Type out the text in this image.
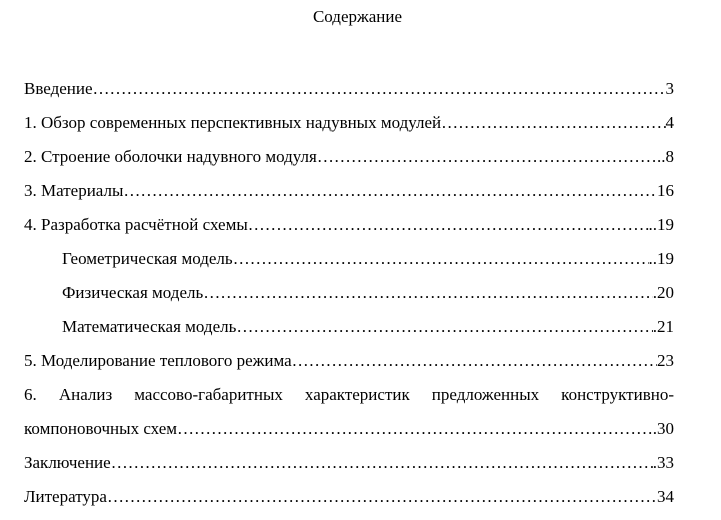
Содержание
Введение ………………………………………………………………………………………………………………………………………………	3
1. Обзор современных перспективных надувных модулей ………………………………………………………………………………………………………………………………………………	4
2. Строение оболочки надувного модуля ………………………………………………………………………………………………………………………………………………	..8
3. Материалы ………………………………………………………………………………………………………………………………………………	16
4. Разработка расчётной схемы ………………………………………………………………………………………………………………………………………………	..19
Геометрическая модель ………………………………………………………………………………………………………………………………………………	..19
Физическая модель ………………………………………………………………………………………………………………………………………………	.20
Математическая модель ………………………………………………………………………………………………………………………………………………	.21
5. Моделирование теплового режима ………………………………………………………………………………………………………………………………………………	23
6. Анализ массово-габаритных характеристик предложенных конструктивно-
компоновочных схем ………………………………………………………………………………………………………………………………………………	.30
Заключение ………………………………………………………………………………………………………………………………………………	.33
Литература ………………………………………………………………………………………………………………………………………………	34
